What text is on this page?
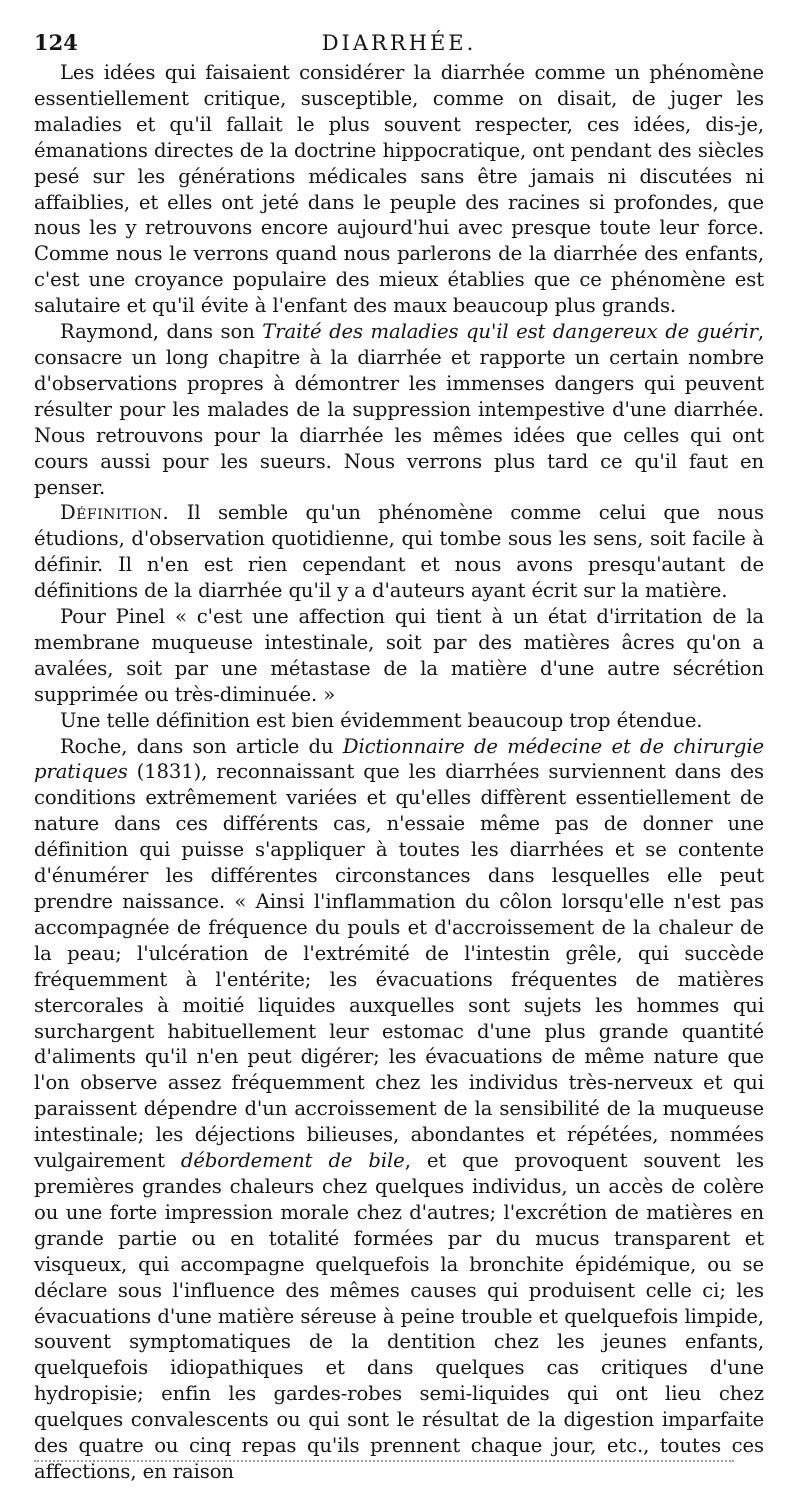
124	DIARRHÉE.

Les idées qui faisaient considérer la diarrhée comme un phénomène essentiellement critique, susceptible, comme on disait, de juger les maladies et qu'il fallait le plus souvent respecter, ces idées, dis-je, émanations directes de la doctrine hippocratique, ont pendant des siècles pesé sur les générations médicales sans être jamais ni discutées ni affaiblies, et elles ont jeté dans le peuple des racines si profondes, que nous les y retrouvons encore aujourd'hui avec presque toute leur force. Comme nous le verrons quand nous parlerons de la diarrhée des enfants, c'est une croyance populaire des mieux établies que ce phénomène est salutaire et qu'il évite à l'enfant des maux beaucoup plus grands.

Raymond, dans son Traité des maladies qu'il est dangereux de guérir, consacre un long chapitre à la diarrhée et rapporte un certain nombre d'observations propres à démontrer les immenses dangers qui peuvent résulter pour les malades de la suppression intempestive d'une diarrhée. Nous retrouvons pour la diarrhée les mêmes idées que celles qui ont cours aussi pour les sueurs. Nous verrons plus tard ce qu'il faut en penser.

Définition. Il semble qu'un phénomène comme celui que nous étudions, d'observation quotidienne, qui tombe sous les sens, soit facile à définir. Il n'en est rien cependant et nous avons presqu'autant de définitions de la diarrhée qu'il y a d'auteurs ayant écrit sur la matière.

Pour Pinel « c'est une affection qui tient à un état d'irritation de la membrane muqueuse intestinale, soit par des matières âcres qu'on a avalées, soit par une métastase de la matière d'une autre sécrétion supprimée ou très-diminuée. »

Une telle définition est bien évidemment beaucoup trop étendue.

Roche, dans son article du Dictionnaire de médecine et de chirurgie pratiques (1831), reconnaissant que les diarrhées surviennent dans des conditions extrêmement variées et qu'elles diffèrent essentiellement de nature dans ces différents cas, n'essaie même pas de donner une définition qui puisse s'appliquer à toutes les diarrhées et se contente d'énumérer les différentes circonstances dans lesquelles elle peut prendre naissance. « Ainsi l'inflammation du côlon lorsqu'elle n'est pas accompagnée de fréquence du pouls et d'accroissement de la chaleur de la peau; l'ulcération de l'extrémité de l'intestin grêle, qui succède fréquemment à l'entérite; les évacuations fréquentes de matières stercorales à moitié liquides auxquelles sont sujets les hommes qui surchargent habituellement leur estomac d'une plus grande quantité d'aliments qu'il n'en peut digérer; les évacuations de même nature que l'on observe assez fréquemment chez les individus très-nerveux et qui paraissent dépendre d'un accroissement de la sensibilité de la muqueuse intestinale; les déjections bilieuses, abondantes et répétées, nommées vulgairement débordement de bile, et que provoquent souvent les premières grandes chaleurs chez quelques individus, un accès de colère ou une forte impression morale chez d'autres; l'excrétion de matières en grande partie ou en totalité formées par du mucus transparent et visqueux, qui accompagne quelquefois la bronchite épidémique, ou se déclare sous l'influence des mêmes causes qui produisent celle ci; les évacuations d'une matière séreuse à peine trouble et quelquefois limpide, souvent symptomatiques de la dentition chez les jeunes enfants, quelquefois idiopathiques et dans quelques cas critiques d'une hydropisie; enfin les gardes-robes semi-liquides qui ont lieu chez quelques convalescents ou qui sont le résultat de la digestion imparfaite des quatre ou cinq repas qu'ils prennent chaque jour, etc., toutes ces affections, en raison
